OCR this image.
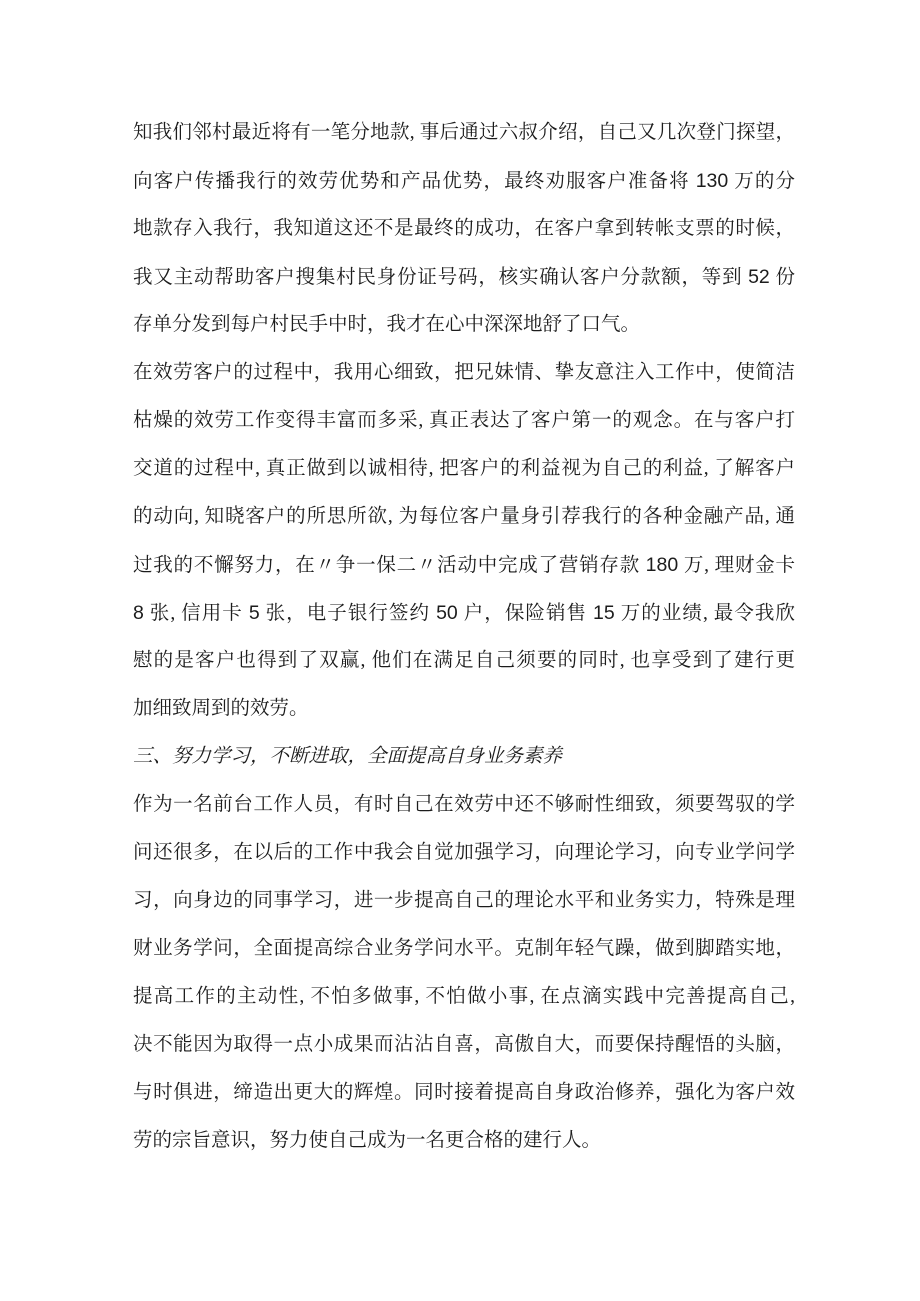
知我们邻村最近将有一笔分地款, 事后通过六叔介绍，自己又几次登门探望，
向客户传播我行的效劳优势和产品优势，最终劝服客户准备将 130 万的分
地款存入我行，我知道这还不是最终的成功，在客户拿到转帐支票的时候，
我又主动帮助客户搜集村民身份证号码，核实确认客户分款额，等到 52 份
存单分发到每户村民手中时，我才在心中深深地舒了口气。
在效劳客户的过程中，我用心细致，把兄妹情、挚友意注入工作中，使简洁
枯燥的效劳工作变得丰富而多采, 真正表达了客户第一的观念。在与客户打
交道的过程中, 真正做到以诚相待, 把客户的利益视为自己的利益, 了解客户
的动向, 知晓客户的所思所欲, 为每位客户量身引荐我行的各种金融产品, 通
过我的不懈努力，在〃争一保二〃活动中完成了营销存款 180 万, 理财金卡
8 张, 信用卡 5 张，电子银行签约 50 户，保险销售 15 万的业绩, 最令我欣
慰的是客户也得到了双赢, 他们在满足自己须要的同时, 也享受到了建行更
加细致周到的效劳。
三、努力学习，不断进取，全面提高自身业务素养
作为一名前台工作人员，有时自己在效劳中还不够耐性细致，须要驾驭的学
问还很多，在以后的工作中我会自觉加强学习，向理论学习，向专业学问学
习，向身边的同事学习，进一步提高自己的理论水平和业务实力，特殊是理
财业务学问，全面提高综合业务学问水平。克制年轻气躁，做到脚踏实地，
提高工作的主动性, 不怕多做事, 不怕做小事, 在点滴实践中完善提高自己,
决不能因为取得一点小成果而沾沾自喜，高傲自大，而要保持醒悟的头脑，
与时俱进，缔造出更大的辉煌。同时接着提高自身政治修养，强化为客户效
劳的宗旨意识，努力使自己成为一名更合格的建行人。
